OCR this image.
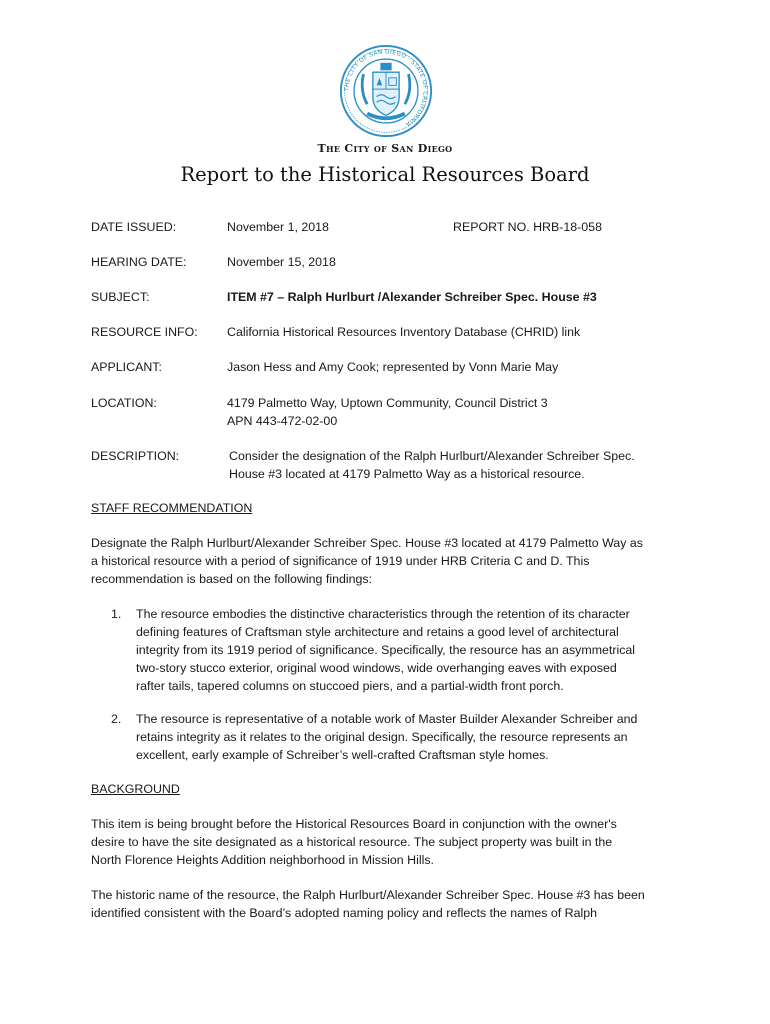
THE CITY OF SAN DIEGO · STATE OF CALIFORNIA
The City of San Diego
Report to the Historical Resources Board
DATE ISSUED:	November 1, 2018	REPORT NO. HRB-18-058
HEARING DATE:	November 15, 2018
SUBJECT:	ITEM #7 – Ralph Hurlburt /Alexander Schreiber Spec. House #3
RESOURCE INFO: California Historical Resources Inventory Database (CHRID) link
APPLICANT:	Jason Hess and Amy Cook; represented by Vonn Marie May
LOCATION:	4179 Palmetto Way, Uptown Community, Council District 3
APN 443-472-02-00
DESCRIPTION:	Consider the designation of the Ralph Hurlburt/Alexander Schreiber Spec.
House #3 located at 4179 Palmetto Way as a historical resource.
STAFF RECOMMENDATION
Designate the Ralph Hurlburt/Alexander Schreiber Spec. House #3 located at 4179 Palmetto Way as
a historical resource with a period of significance of 1919 under HRB Criteria C and D. This
recommendation is based on the following findings:
1. The resource embodies the distinctive characteristics through the retention of its character
defining features of Craftsman style architecture and retains a good level of architectural
integrity from its 1919 period of significance. Specifically, the resource has an asymmetrical
two-story stucco exterior, original wood windows, wide overhanging eaves with exposed
rafter tails, tapered columns on stuccoed piers, and a partial-width front porch.
2. The resource is representative of a notable work of Master Builder Alexander Schreiber and
retains integrity as it relates to the original design. Specifically, the resource represents an
excellent, early example of Schreiber’s well-crafted Craftsman style homes.
BACKGROUND
This item is being brought before the Historical Resources Board in conjunction with the owner's
desire to have the site designated as a historical resource. The subject property was built in the
North Florence Heights Addition neighborhood in Mission Hills.
The historic name of the resource, the Ralph Hurlburt/Alexander Schreiber Spec. House #3 has been
identified consistent with the Board’s adopted naming policy and reflects the names of Ralph
